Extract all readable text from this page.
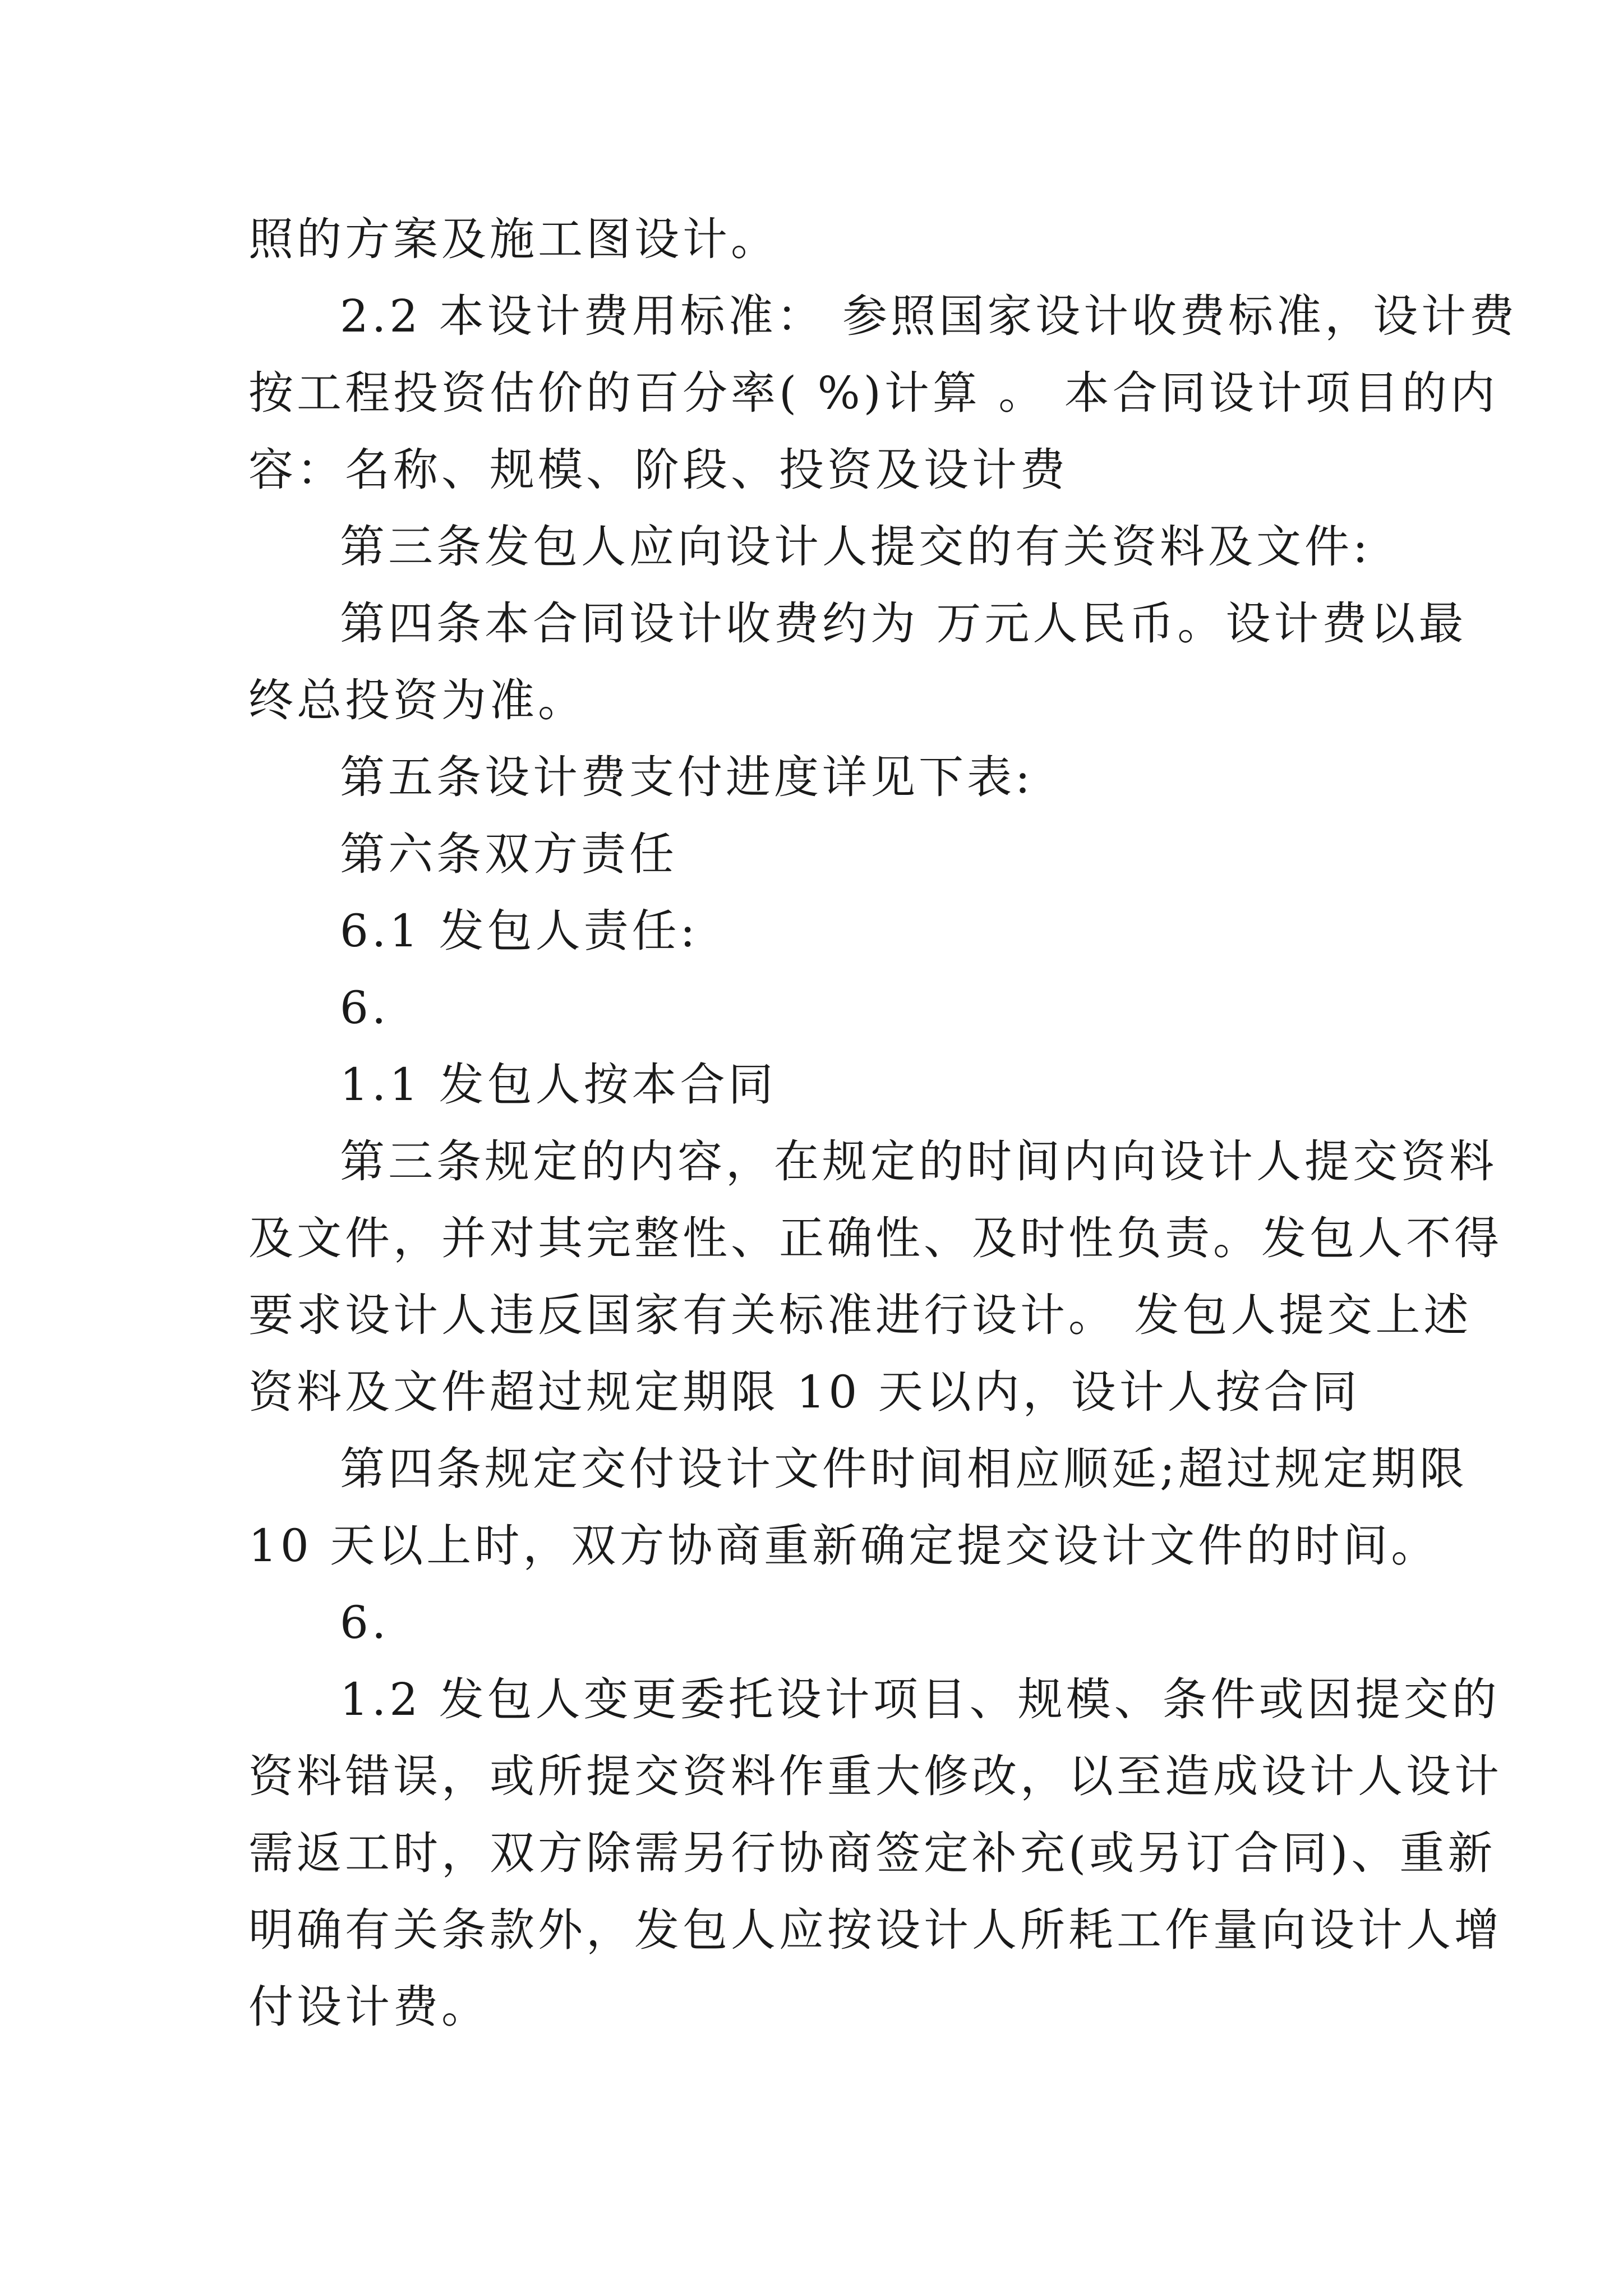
照的方案及施工图设计。
2.2 本设计费用标准： 参照国家设计收费标准，设计费
按工程投资估价的百分率( %)计算 。 本合同设计项目的内
容：名称、规模、阶段、投资及设计费
第三条发包人应向设计人提交的有关资料及文件:
第四条本合同设计收费约为 万元人民币。设计费以最
终总投资为准。
第五条设计费支付进度详见下表:
第六条双方责任
6.1 发包人责任:
6.
1.1 发包人按本合同
第三条规定的内容，在规定的时间内向设计人提交资料
及文件，并对其完整性、正确性、及时性负责。发包人不得
要求设计人违反国家有关标准进行设计。 发包人提交上述
资料及文件超过规定期限 10 天以内，设计人按合同
第四条规定交付设计文件时间相应顺延;超过规定期限
10 天以上时，双方协商重新确定提交设计文件的时间。
6.
1.2 发包人变更委托设计项目、规模、条件或因提交的
资料错误，或所提交资料作重大修改，以至造成设计人设计
需返工时，双方除需另行协商签定补充(或另订合同)、重新
明确有关条款外，发包人应按设计人所耗工作量向设计人增
付设计费。
